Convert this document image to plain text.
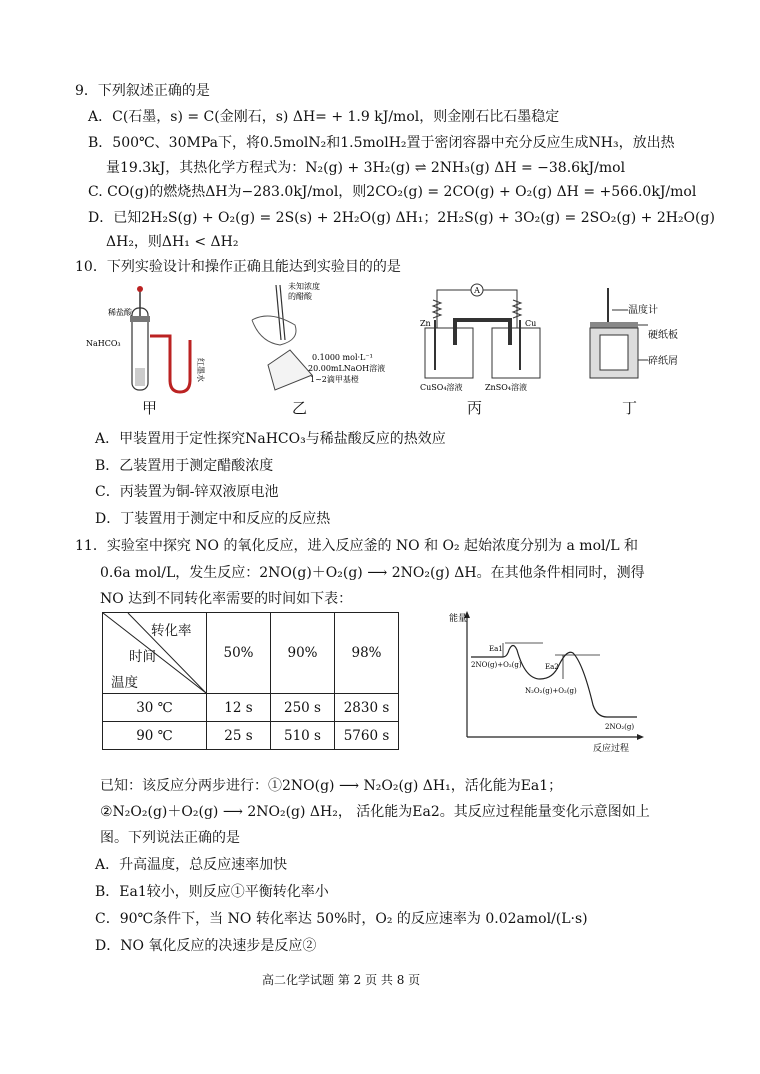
9．下列叙述正确的是
A．C(石墨，s) = C(金刚石，s) ΔH= + 1.9 kJ/mol，则金刚石比石墨稳定
B．500℃、30MPa下，将0.5molN₂和1.5molH₂置于密闭容器中充分反应生成NH₃，放出热
量19.3kJ，其热化学方程式为：N₂(g) + 3H₂(g) ⇌ 2NH₃(g) ΔH = −38.6kJ/mol
C. CO(g)的燃烧热ΔH为−283.0kJ/mol，则2CO₂(g) = 2CO(g) + O₂(g) ΔH = +566.0kJ/mol
D．已知2H₂S(g) + O₂(g) = 2S(s) + 2H₂O(g) ΔH₁；2H₂S(g) + 3O₂(g) = 2SO₂(g) + 2H₂O(g)
ΔH₂，则ΔH₁ < ΔH₂
10．下列实验设计和操作正确且能达到实验目的的是
稀盐酸
NaHCO₃
红墨水
未知浓度
的醋酸
0.1000 mol·L⁻¹
20.00mLNaOH溶液
1~2滴甲基橙
A
Zn	Cu
CuSO₄溶液	ZnSO₄溶液
温度计
硬纸板
碎纸屑
甲	乙	丙	丁
A．甲装置用于定性探究NaHCO₃与稀盐酸反应的热效应
B．乙装置用于测定醋酸浓度
C．丙装置为铜-锌双液原电池
D．丁装置用于测定中和反应的反应热
11．实验室中探究 NO 的氧化反应，进入反应釜的 NO 和 O₂ 起始浓度分别为 a mol/L 和
0.6a mol/L，发生反应：2NO(g)＋O₂(g) ⟶ 2NO₂(g) ΔH。在其他条件相同时，测得
NO 达到不同转化率需要的时间如下表：
转化率
时间
温度	50%	90%	98%
30 ℃	12 s	250 s	2830 s
90 ℃	25 s	510 s	5760 s
能量
反应过程
Ea1
Ea2
2NO(g)+O₂(g)
N₂O₂(g)+O₂(g)
2NO₂(g)
已知：该反应分两步进行：①2NO(g) ⟶ N₂O₂(g) ΔH₁，活化能为Ea1；
②N₂O₂(g)＋O₂(g) ⟶ 2NO₂(g) ΔH₂， 活化能为Ea2。其反应过程能量变化示意图如上
图。下列说法正确的是
A．升高温度，总反应速率加快
B．Ea1较小，则反应①平衡转化率小
C．90℃条件下，当 NO 转化率达 50%时，O₂ 的反应速率为 0.02amol/(L·s)
D．NO 氧化反应的决速步是反应②
高二化学试题 第 2 页 共 8 页
